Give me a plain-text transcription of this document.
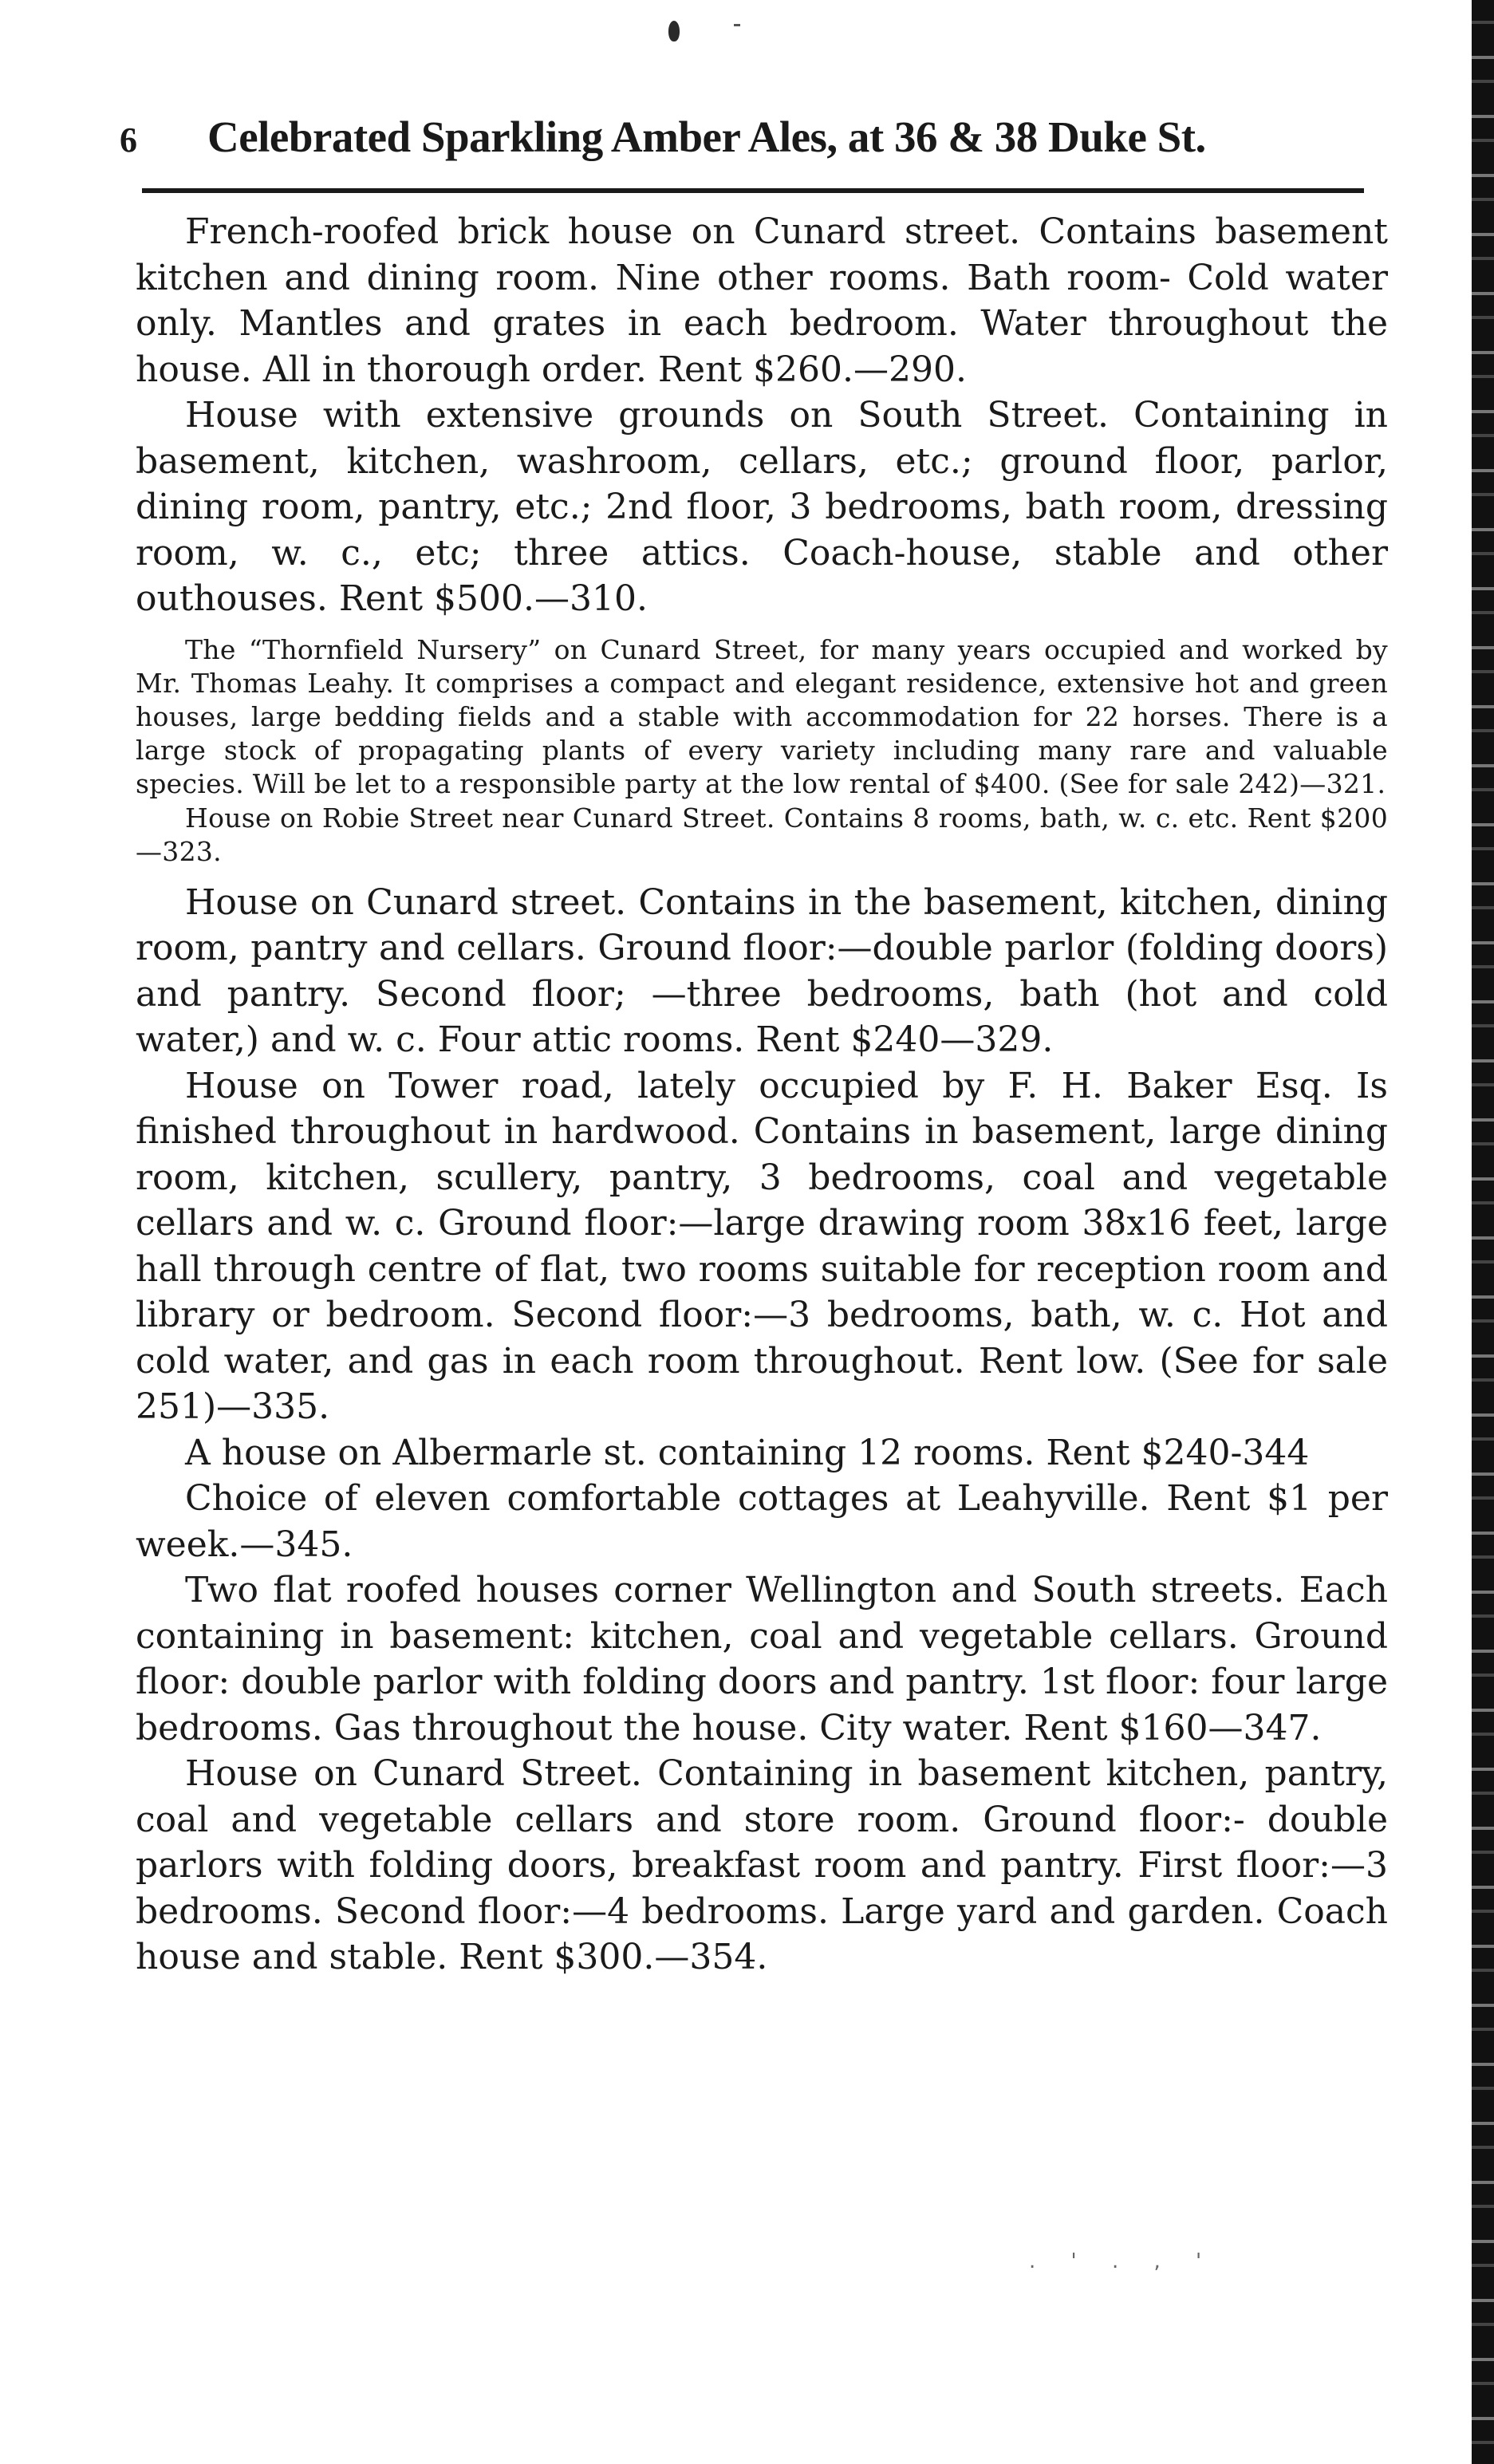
6	Celebrated Sparkling Amber Ales, at 36 & 38 Duke St.

French-roofed brick house on Cunard street. Contains basement kitchen and dining room. Nine other rooms. Bath room- Cold water only. Mantles and grates in each bedroom. Water throughout the house. All in thorough order. Rent $260.—290.

House with extensive grounds on South Street. Containing in basement, kitchen, washroom, cellars, etc.; ground floor, parlor, dining room, pantry, etc.; 2nd floor, 3 bedrooms, bath room, dressing room, w. c., etc; three attics. Coach-house, stable and other outhouses. Rent $500.—310.

The “Thornfield Nursery” on Cunard Street, for many years occupied and worked by Mr. Thomas Leahy. It comprises a compact and elegant residence, extensive hot and green houses, large bedding fields and a stable with accommodation for 22 horses. There is a large stock of propagating plants of every variety including many rare and valuable species. Will be let to a responsible party at the low rental of $400. (See for sale 242)—321.

House on Robie Street near Cunard Street. Contains 8 rooms, bath, w. c. etc. Rent $200—323.

House on Cunard street. Contains in the basement, kitchen, dining room, pantry and cellars. Ground floor:—double parlor (folding doors) and pantry. Second floor; —three bedrooms, bath (hot and cold water,) and w. c. Four attic rooms. Rent $240—329.

House on Tower road, lately occupied by F. H. Baker Esq. Is finished throughout in hardwood. Contains in basement, large dining room, kitchen, scullery, pantry, 3 bedrooms, coal and vegetable cellars and w. c. Ground floor:—large drawing room 38x16 feet, large hall through centre of flat, two rooms suitable for reception room and library or bedroom. Second floor:—3 bedrooms, bath, w. c. Hot and cold water, and gas in each room throughout. Rent low. (See for sale 251)—335.

A house on Albermarle st. containing 12 rooms. Rent $240-344

Choice of eleven comfortable cottages at Leahyville. Rent $1 per week.—345.

Two flat roofed houses corner Wellington and South streets. Each containing in basement: kitchen, coal and vegetable cellars. Ground floor: double parlor with folding doors and pantry. 1st floor: four large bedrooms. Gas throughout the house. City water. Rent $160—347.

House on Cunard Street. Containing in basement kitchen, pantry, coal and vegetable cellars and store room. Ground floor:- double parlors with folding doors, breakfast room and pantry. First floor:—3 bedrooms. Second floor:—4 bedrooms. Large yard and garden. Coach house and stable. Rent $300.—354.

. ' . , '
